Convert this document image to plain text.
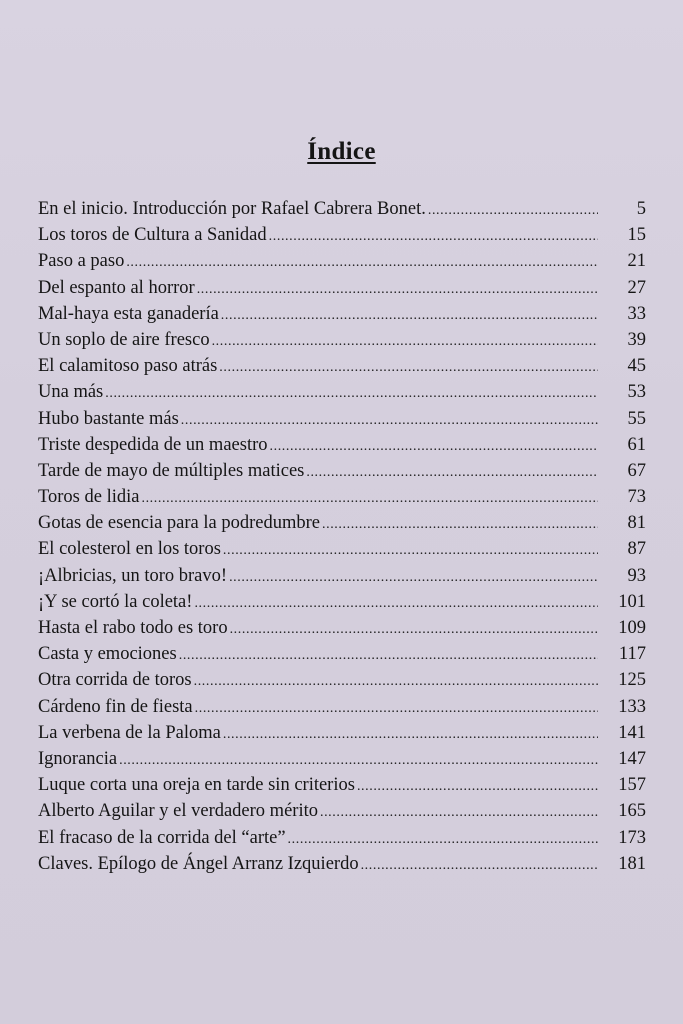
Índice
En el inicio. Introducción por Rafael Cabrera Bonet. .....	5
Los toros de Cultura a Sanidad .....	15
Paso a paso .....	21
Del espanto al horror .....	27
Mal-haya esta ganadería .....	33
Un soplo de aire fresco .....	39
El calamitoso paso atrás .....	45
Una más .....	53
Hubo bastante más .....	55
Triste despedida de un maestro .....	61
Tarde de mayo de múltiples matices .....	67
Toros de lidia .....	73
Gotas de esencia para la podredumbre .....	81
El colesterol en los toros .....	87
¡Albricias, un toro bravo! .....	93
¡Y se cortó la coleta! .....	101
Hasta el rabo todo es toro .....	109
Casta y emociones .....	117
Otra corrida de toros .....	125
Cárdeno fin de fiesta .....	133
La verbena de la Paloma .....	141
Ignorancia .....	147
Luque corta una oreja en tarde sin criterios .....	157
Alberto Aguilar y el verdadero mérito .....	165
El fracaso de la corrida del “arte” .....	173
Claves. Epílogo de Ángel Arranz Izquierdo .....	181
